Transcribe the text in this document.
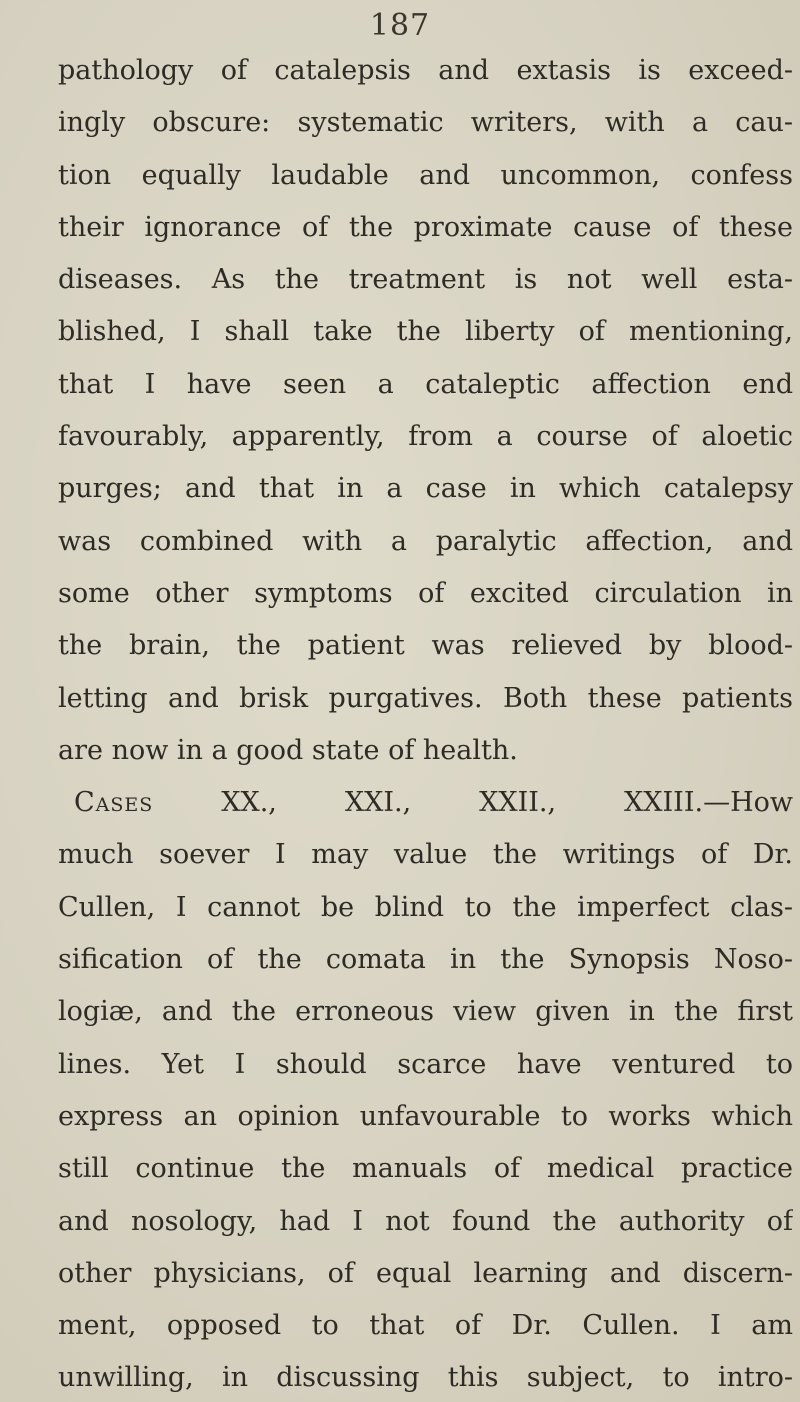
187
pathology of catalepsis and extasis is exceed-
ingly obscure: systematic writers, with a cau-
tion equally laudable and uncommon, confess
their ignorance of the proximate cause of these
diseases. As the treatment is not well esta-
blished, I shall take the liberty of mentioning,
that I have seen a cataleptic affection end
favourably, apparently, from a course of aloetic
purges; and that in a case in which catalepsy
was combined with a paralytic affection, and
some other symptoms of excited circulation in
the brain, the patient was relieved by blood-
letting and brisk purgatives. Both these patients
are now in a good state of health.
Cases XX., XXI., XXII., XXIII.—How
much soever I may value the writings of Dr.
Cullen, I cannot be blind to the imperfect clas-
sification of the comata in the Synopsis Noso-
logiæ, and the erroneous view given in the first
lines. Yet I should scarce have ventured to
express an opinion unfavourable to works which
still continue the manuals of medical practice
and nosology, had I not found the authority of
other physicians, of equal learning and discern-
ment, opposed to that of Dr. Cullen. I am
unwilling, in discussing this subject, to intro-
